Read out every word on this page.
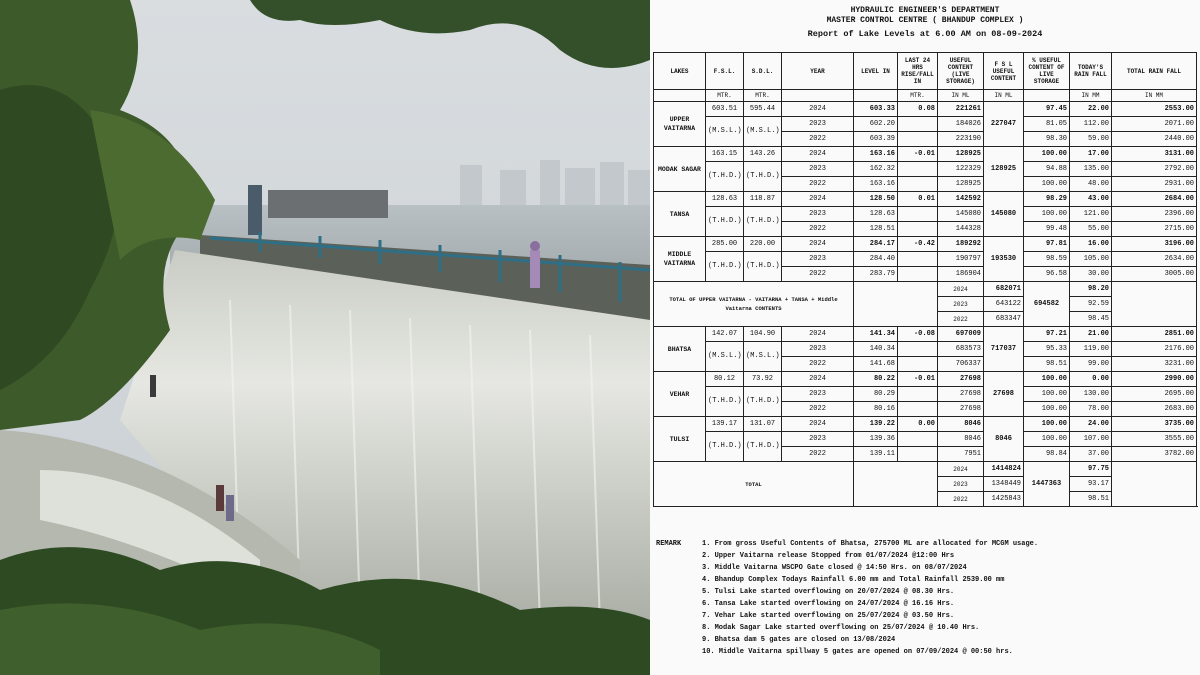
HYDRAULIC ENGINEER'S DEPARTMENT
MASTER CONTROL CENTRE ( BHANDUP COMPLEX )
Report of Lake Levels at 6.00 AM on 08-09-2024
LAKES	F.S.L.	S.D.L.	YEAR	LEVEL IN	LAST 24 HRS RISE/FALL IN	USEFUL CONTENT (LIVE STORAGE)	F S L USEFUL CONTENT	% USEFUL CONTENT OF LIVE STORAGE	TODAY'S RAIN FALL	TOTAL RAIN FALL
	MTR.	MTR.			MTR.	IN ML	IN ML		IN MM	IN MM
UPPER VAITARNA	603.51	595.44	2024	603.33	0.08	221261	227047	97.45	22.00	2553.00
	(M.S.L.)	(M.S.L.)	2023	602.20		184026		81.05	112.00	2071.00
			2022	603.39		223190		98.30	59.00	2440.00
MODAK SAGAR	163.15	143.26	2024	163.16	-0.01	128925	128925	100.00	17.00	3131.00
	(T.H.D.)	(T.H.D.)	2023	162.32		122329		94.88	135.00	2792.00
			2022	163.16		128925		100.00	48.00	2931.00
TANSA	128.63	118.87	2024	128.50	0.01	142592	145080	98.29	43.00	2684.00
	(T.H.D.)	(T.H.D.)	2023	128.63		145080		100.00	121.00	2396.00
			2022	128.51		144328		99.48	55.00	2715.00
MIDDLE VAITARNA	285.00	220.00	2024	284.17	-0.42	189292	193530	97.81	16.00	3196.00
	(T.H.D.)	(T.H.D.)	2023	284.40		190797		98.59	105.00	2634.00
			2022	283.79		186904		96.58	30.00	3005.00
TOTAL OF UPPER VAITARNA - VAITARNA + TANSA + Middle Vaitarna CONTENTS						2024	682071	694582	98.20	
						2023	643122		92.59	
						2022	683347		98.45	
BHATSA	142.07	104.90	2024	141.34	-0.08	697009	717037	97.21	21.00	2851.00
	(M.S.L.)	(M.S.L.)	2023	140.34		683573		95.33	119.00	2176.00
			2022	141.68		706337		98.51	99.00	3231.00
VEHAR	80.12	73.92	2024	80.22	-0.01	27698	27698	100.00	0.00	2990.00
	(T.H.D.)	(T.H.D.)	2023	80.29		27698		100.00	130.00	2695.00
			2022	80.16		27698		100.00	78.00	2683.00
TULSI	139.17	131.07	2024	139.22	0.00	8046	8046	100.00	24.00	3735.00
	(T.H.D.)	(T.H.D.)	2023	139.36		8046		100.00	107.00	3555.00
			2022	139.11		7951		98.84	37.00	3782.00
TOTAL						2024	1414824	1447363	97.75	
						2023	1348449		93.17	
						2022	1425843		98.51	
REMARK	1. From gross Useful Contents of Bhatsa, 275700 ML are allocated for MCGM usage.
2. Upper Vaitarna release Stopped from 01/07/2024 @12:00 Hrs
3. Middle Vaitarna WSCPO Gate closed @ 14:50 Hrs. on 08/07/2024
4. Bhandup Complex Todays Rainfall 6.00 mm and Total Rainfall 2539.00 mm
5. Tulsi Lake started overflowing on 20/07/2024 @ 08.30 Hrs.
6. Tansa Lake started overflowing on 24/07/2024 @ 16.16 Hrs.
7. Vehar Lake started overflowing on 25/07/2024 @ 03.50 Hrs.
8. Modak Sagar Lake started overflowing on 25/07/2024 @ 10.40 Hrs.
9. Bhatsa dam 5 gates are closed on 13/08/2024
10. Middle Vaitarna spillway 5 gates are opened on 07/09/2024 @ 00:50 hrs.
